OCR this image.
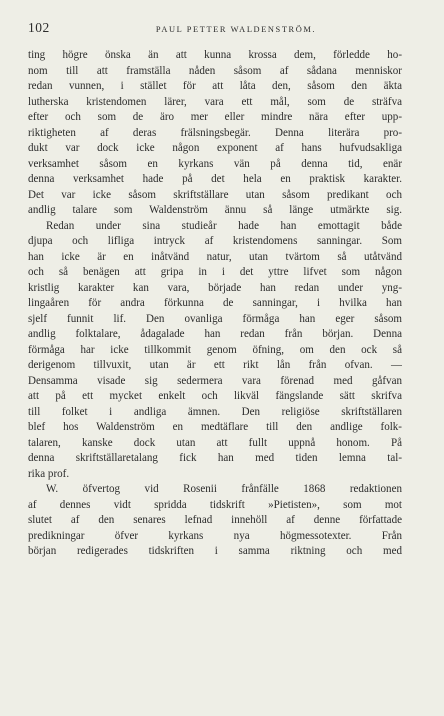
102	PAUL PETTER WALDENSTRÖM.
ting högre önska än att kunna krossa dem, förledde ho-
nom till att framställa nåden såsom af sådana menniskor
redan vunnen, i stället för att låta den, såsom den äkta
lutherska kristendomen lärer, vara ett mål, som de sträfva
efter och som de äro mer eller mindre nära efter upp-
riktigheten af deras frälsningsbegär. Denna literära pro-
dukt var dock icke någon exponent af hans hufvudsakliga
verksamhet såsom en kyrkans vän på denna tid, enär
denna verksamhet hade på det hela en praktisk karakter.
Det var icke såsom skriftställare utan såsom predikant och
andlig talare som Waldenström ännu så länge utmärkte sig.
Redan under sina studieår hade han emottagit både
djupa och lifliga intryck af kristendomens sanningar. Som
han icke är en inåtvänd natur, utan tvärtom så utåtvänd
och så benägen att gripa in i det yttre lifvet som någon
kristlig karakter kan vara, började han redan under yng-
lingaåren för andra förkunna de sanningar, i hvilka han
sjelf funnit lif. Den ovanliga förmåga han eger såsom
andlig folktalare, ådagalade han redan från början. Denna
förmåga har icke tillkommit genom öfning, om den ock så
derigenom tillvuxit, utan är ett rikt lån från ofvan. —
Densamma visade sig sedermera vara förenad med gåfvan
att på ett mycket enkelt och likväl fängslande sätt skrifva
till folket i andliga ämnen. Den religiöse skriftställaren
blef hos Waldenström en medtäflare till den andlige folk-
talaren, kanske dock utan att fullt uppnå honom. På
denna skriftställaretalang fick han med tiden lemna tal-
rika prof.
W. öfvertog vid Rosenii frånfälle 1868 redaktionen
af dennes vidt spridda tidskrift »Pietisten», som mot
slutet af den senares lefnad innehöll af denne författade
predikningar öfver kyrkans nya högmessotexter. Från
början redigerades tidskriften i samma riktning och med
